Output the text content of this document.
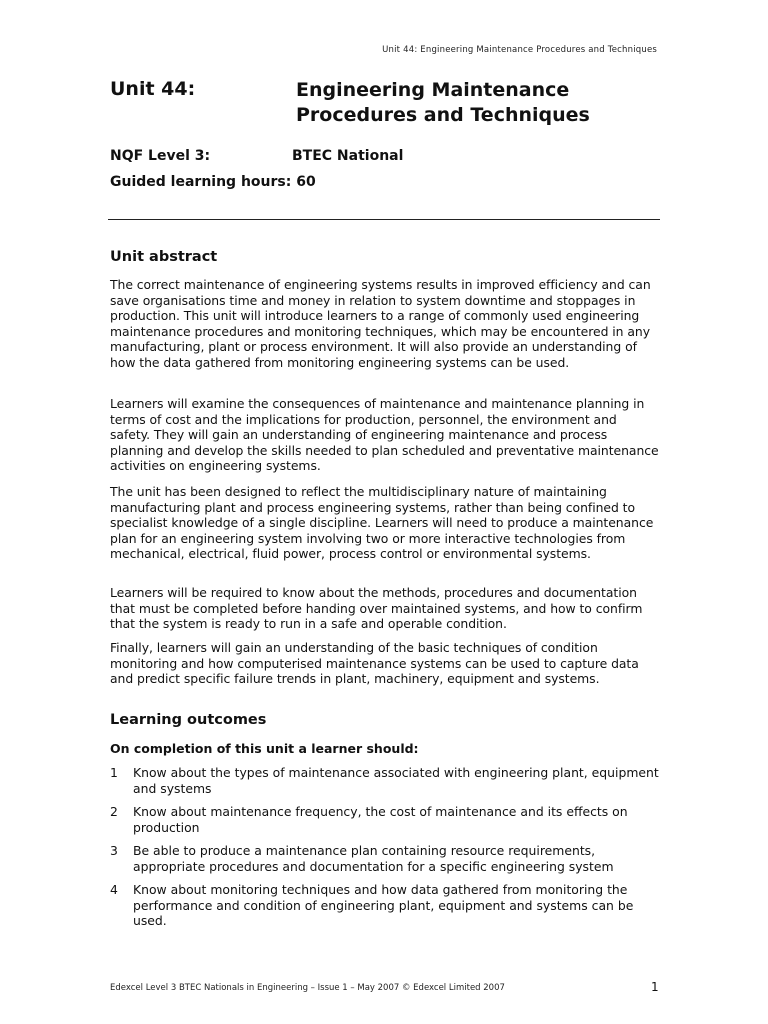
Unit 44: Engineering Maintenance Procedures and Techniques
Unit 44:	Engineering Maintenance Procedures and Techniques
NQF Level 3:	BTEC National
Guided learning hours: 60
Unit abstract

The correct maintenance of engineering systems results in improved efficiency and can save organisations time and money in relation to system downtime and stoppages in production. This unit will introduce learners to a range of commonly used engineering maintenance procedures and monitoring techniques, which may be encountered in any manufacturing, plant or process environment. It will also provide an understanding of how the data gathered from monitoring engineering systems can be used.

Learners will examine the consequences of maintenance and maintenance planning in terms of cost and the implications for production, personnel, the environment and safety. They will gain an understanding of engineering maintenance and process planning and develop the skills needed to plan scheduled and preventative maintenance activities on engineering systems.

The unit has been designed to reflect the multidisciplinary nature of maintaining manufacturing plant and process engineering systems, rather than being confined to specialist knowledge of a single discipline. Learners will need to produce a maintenance plan for an engineering system involving two or more interactive technologies from mechanical, electrical, fluid power, process control or environmental systems.

Learners will be required to know about the methods, procedures and documentation that must be completed before handing over maintained systems, and how to confirm that the system is ready to run in a safe and operable condition.

Finally, learners will gain an understanding of the basic techniques of condition monitoring and how computerised maintenance systems can be used to capture data and predict specific failure trends in plant, machinery, equipment and systems.

Learning outcomes
On completion of this unit a learner should:
1 Know about the types of maintenance associated with engineering plant, equipment and systems
2 Know about maintenance frequency, the cost of maintenance and its effects on production
3 Be able to produce a maintenance plan containing resource requirements, appropriate procedures and documentation for a specific engineering system
4 Know about monitoring techniques and how data gathered from monitoring the performance and condition of engineering plant, equipment and systems can be used.
Edexcel Level 3 BTEC Nationals in Engineering – Issue 1 – May 2007 © Edexcel Limited 2007	1
